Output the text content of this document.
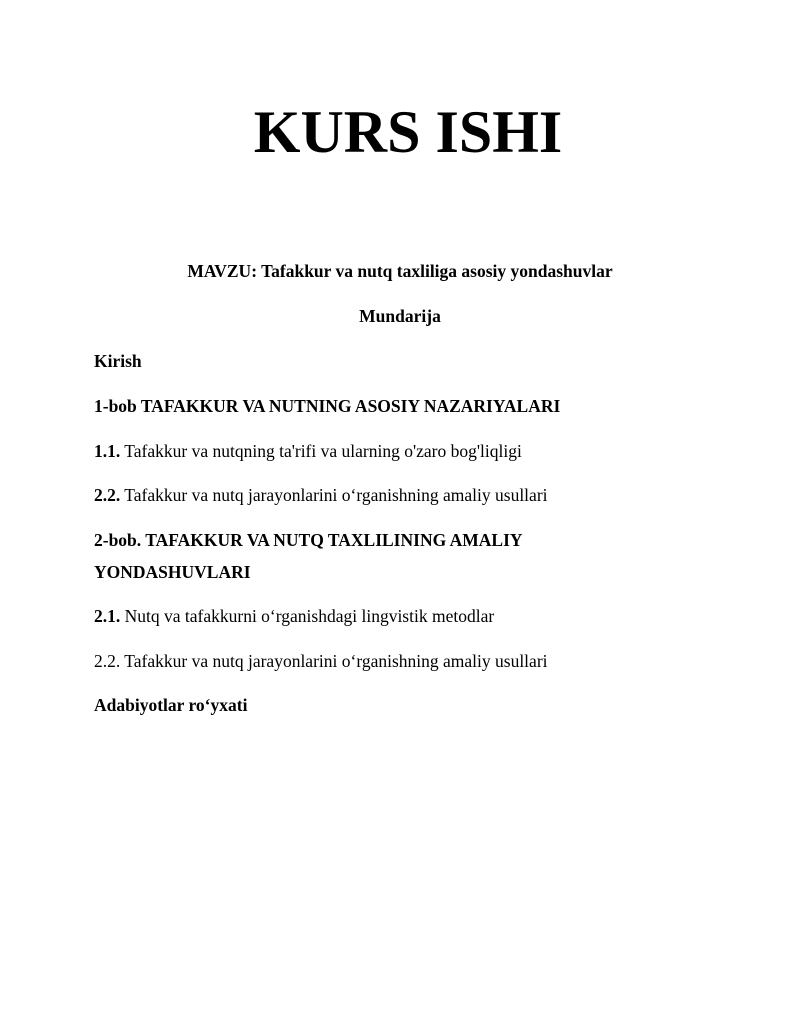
KURS ISHI

MAVZU: Tafakkur va nutq taxliliga asosiy yondashuvlar

Mundarija

Kirish

1-bob TAFAKKUR VA NUTNING ASOSIY NAZARIYALARI

1.1. Tafakkur va nutqning ta'rifi va ularning o'zaro bog'liqligi

2.2. Tafakkur va nutq jarayonlarini o‘rganishning amaliy usullari

2-bob. TAFAKKUR VA NUTQ TAXLILINING AMALIY

YONDASHUVLARI

2.1. Nutq va tafakkurni o‘rganishdagi lingvistik metodlar

2.2. Tafakkur va nutq jarayonlarini o‘rganishning amaliy usullari

Adabiyotlar ro‘yxati
